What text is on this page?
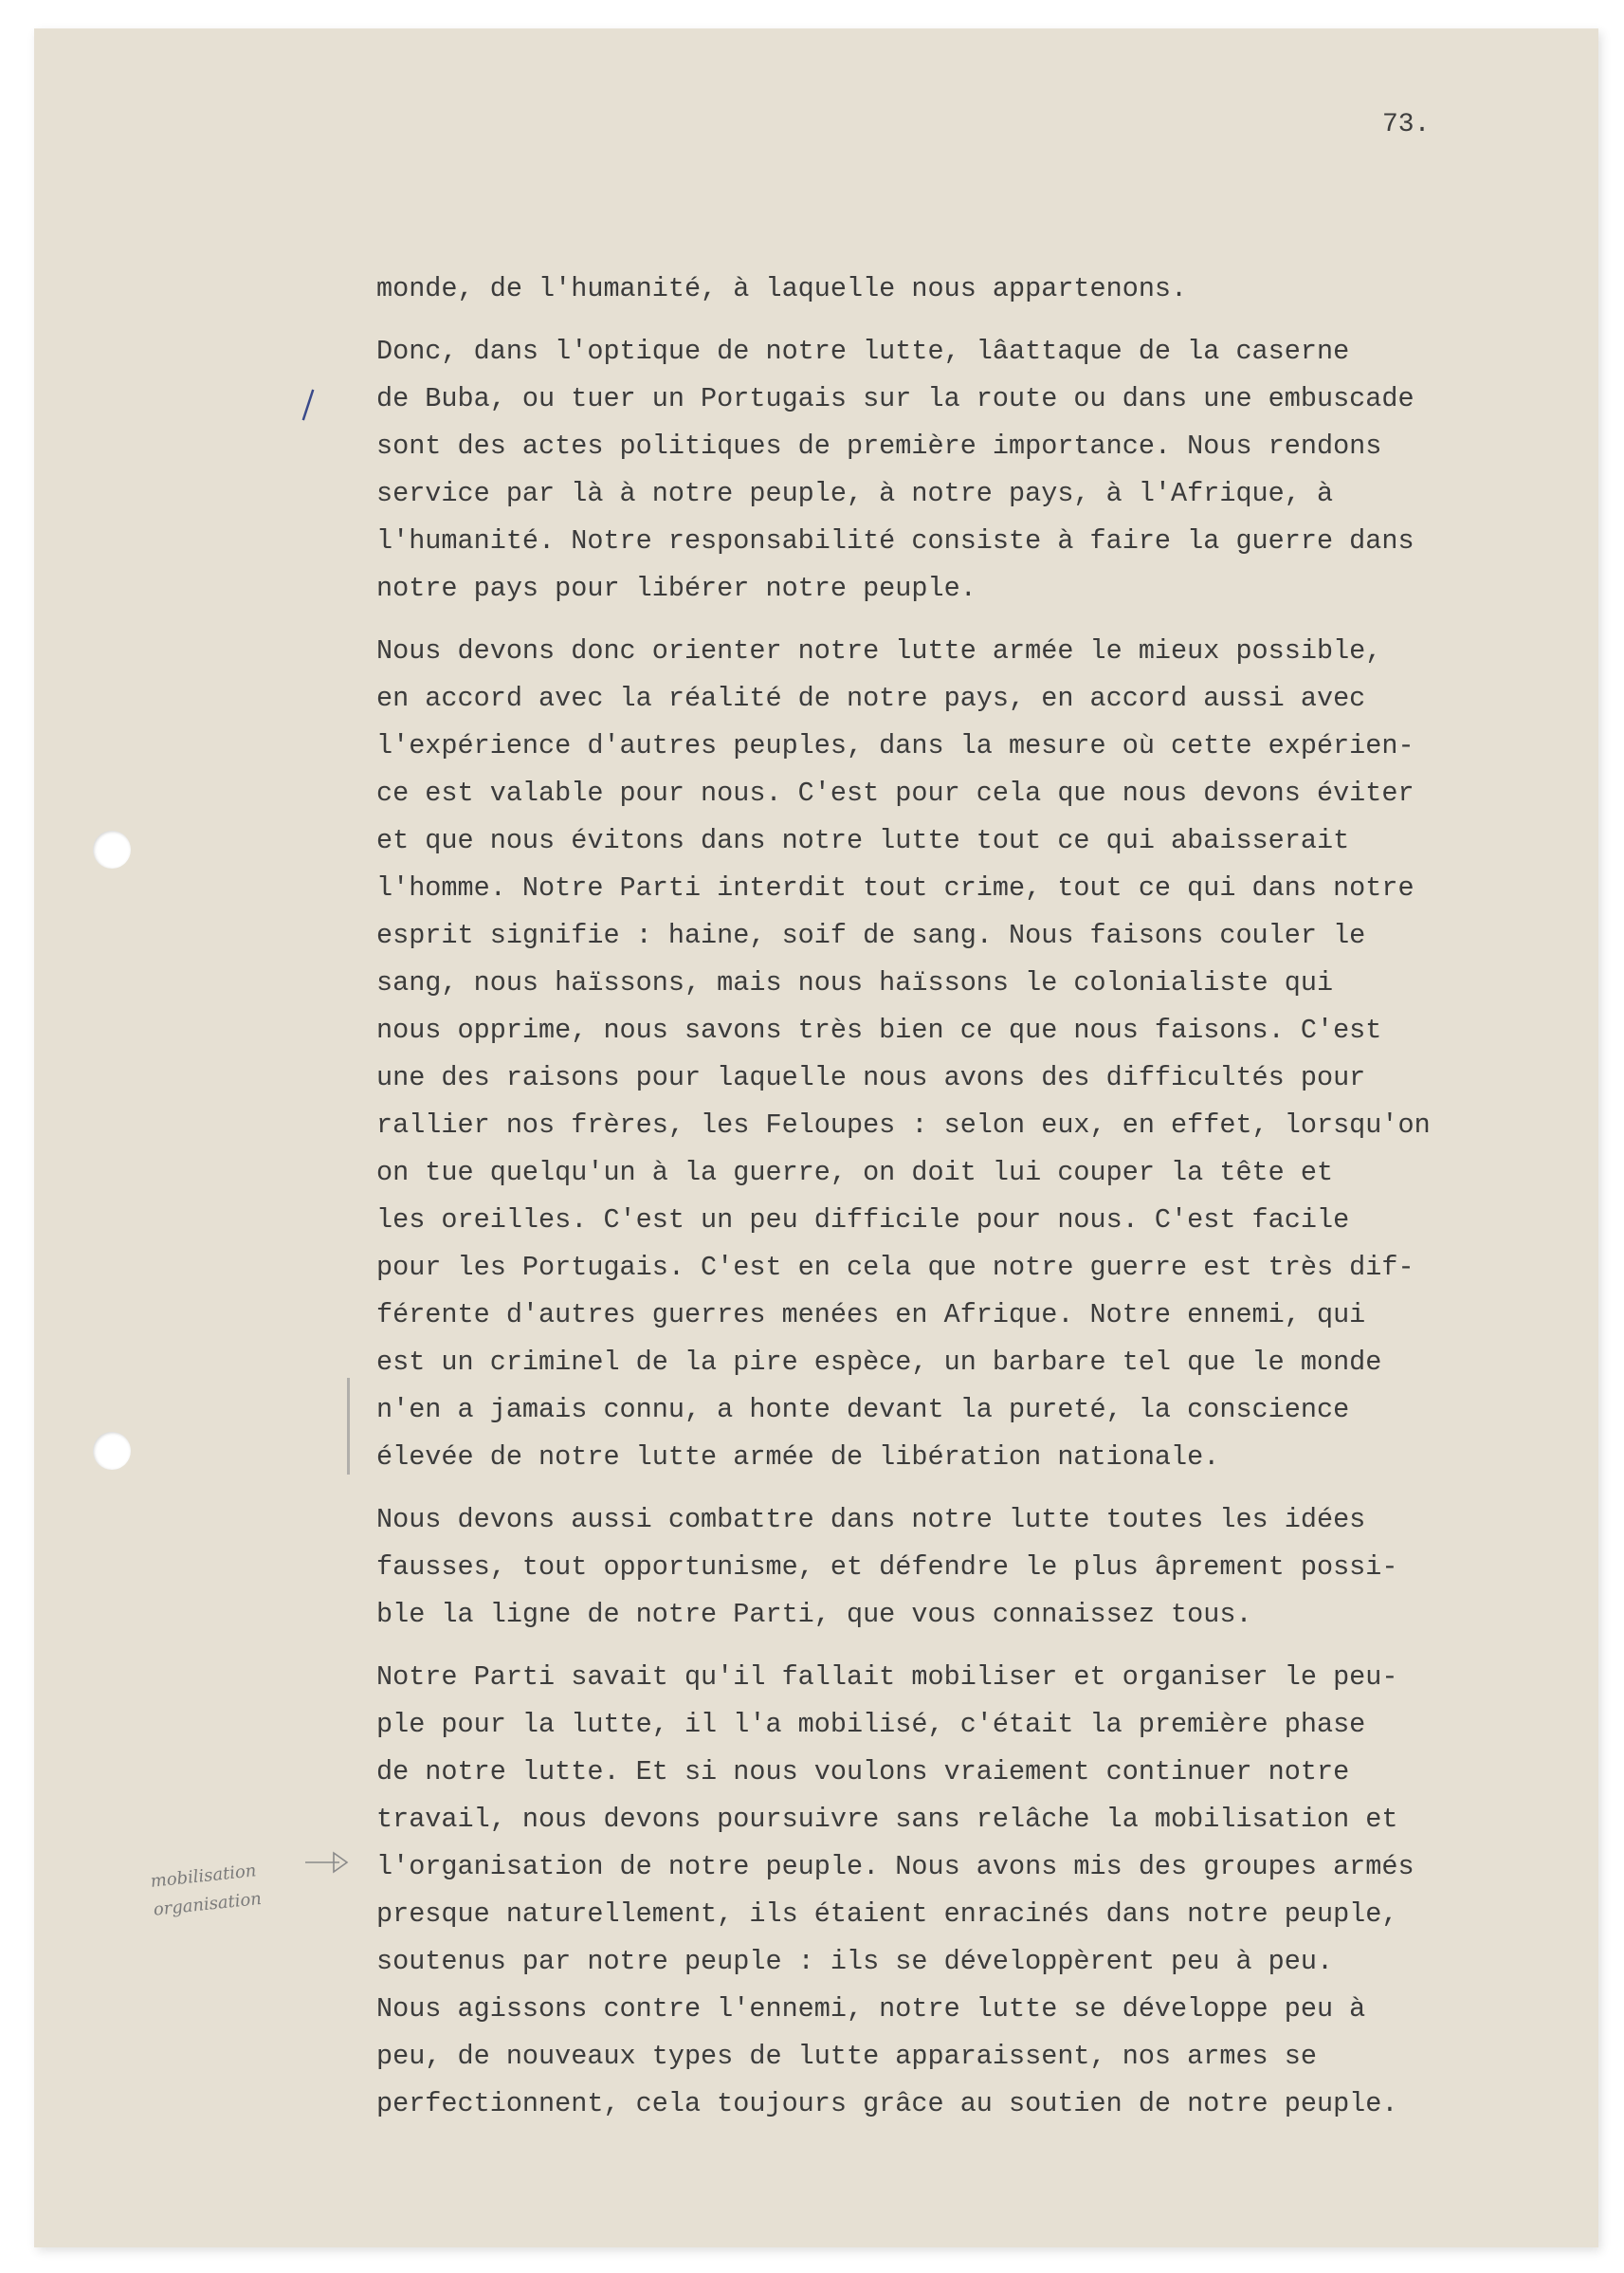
73.

monde, de l'humanité, à laquelle nous appartenons.

Donc, dans l'optique de notre lutte, lâattaque de la caserne
de Buba, ou tuer un Portugais sur la route ou dans une embuscade
sont des actes politiques de première importance. Nous rendons
service par là à notre peuple, à notre pays, à l'Afrique, à
l'humanité. Notre responsabilité consiste à faire la guerre dans
notre pays pour libérer notre peuple.

Nous devons donc orienter notre lutte armée le mieux possible,
en accord avec la réalité de notre pays, en accord aussi avec
l'expérience d'autres peuples, dans la mesure où cette expérien-
ce est valable pour nous. C'est pour cela que nous devons éviter
et que nous évitons dans notre lutte tout ce qui abaisserait
l'homme. Notre Parti interdit tout crime, tout ce qui dans notre
esprit signifie : haine, soif de sang. Nous faisons couler le
sang, nous haïssons, mais nous haïssons le colonialiste qui
nous opprime, nous savons très bien ce que nous faisons. C'est
une des raisons pour laquelle nous avons des difficultés pour
rallier nos frères, les Feloupes : selon eux, en effet, lorsqu'on
on tue quelqu'un à la guerre, on doit lui couper la tête et
les oreilles. C'est un peu difficile pour nous. C'est facile
pour les Portugais. C'est en cela que notre guerre est très dif-
férente d'autres guerres menées en Afrique. Notre ennemi, qui
est un criminel de la pire espèce, un barbare tel que le monde
n'en a jamais connu, a honte devant la pureté, la conscience
élevée de notre lutte armée de libération nationale.

Nous devons aussi combattre dans notre lutte toutes les idées
fausses, tout opportunisme, et défendre le plus âprement possi-
ble la ligne de notre Parti, que vous connaissez tous.

Notre Parti savait qu'il fallait mobiliser et organiser le peu-
ple pour la lutte, il l'a mobilisé, c'était la première phase
de notre lutte. Et si nous voulons vraiement continuer notre
travail, nous devons poursuivre sans relâche la mobilisation et
l'organisation de notre peuple. Nous avons mis des groupes armés
presque naturellement, ils étaient enracinés dans notre peuple,
soutenus par notre peuple : ils se développèrent peu à peu.
Nous agissons contre l'ennemi, notre lutte se développe peu à
peu, de nouveaux types de lutte apparaissent, nos armes se
perfectionnent, cela toujours grâce au soutien de notre peuple.

mobilisation
organisation
